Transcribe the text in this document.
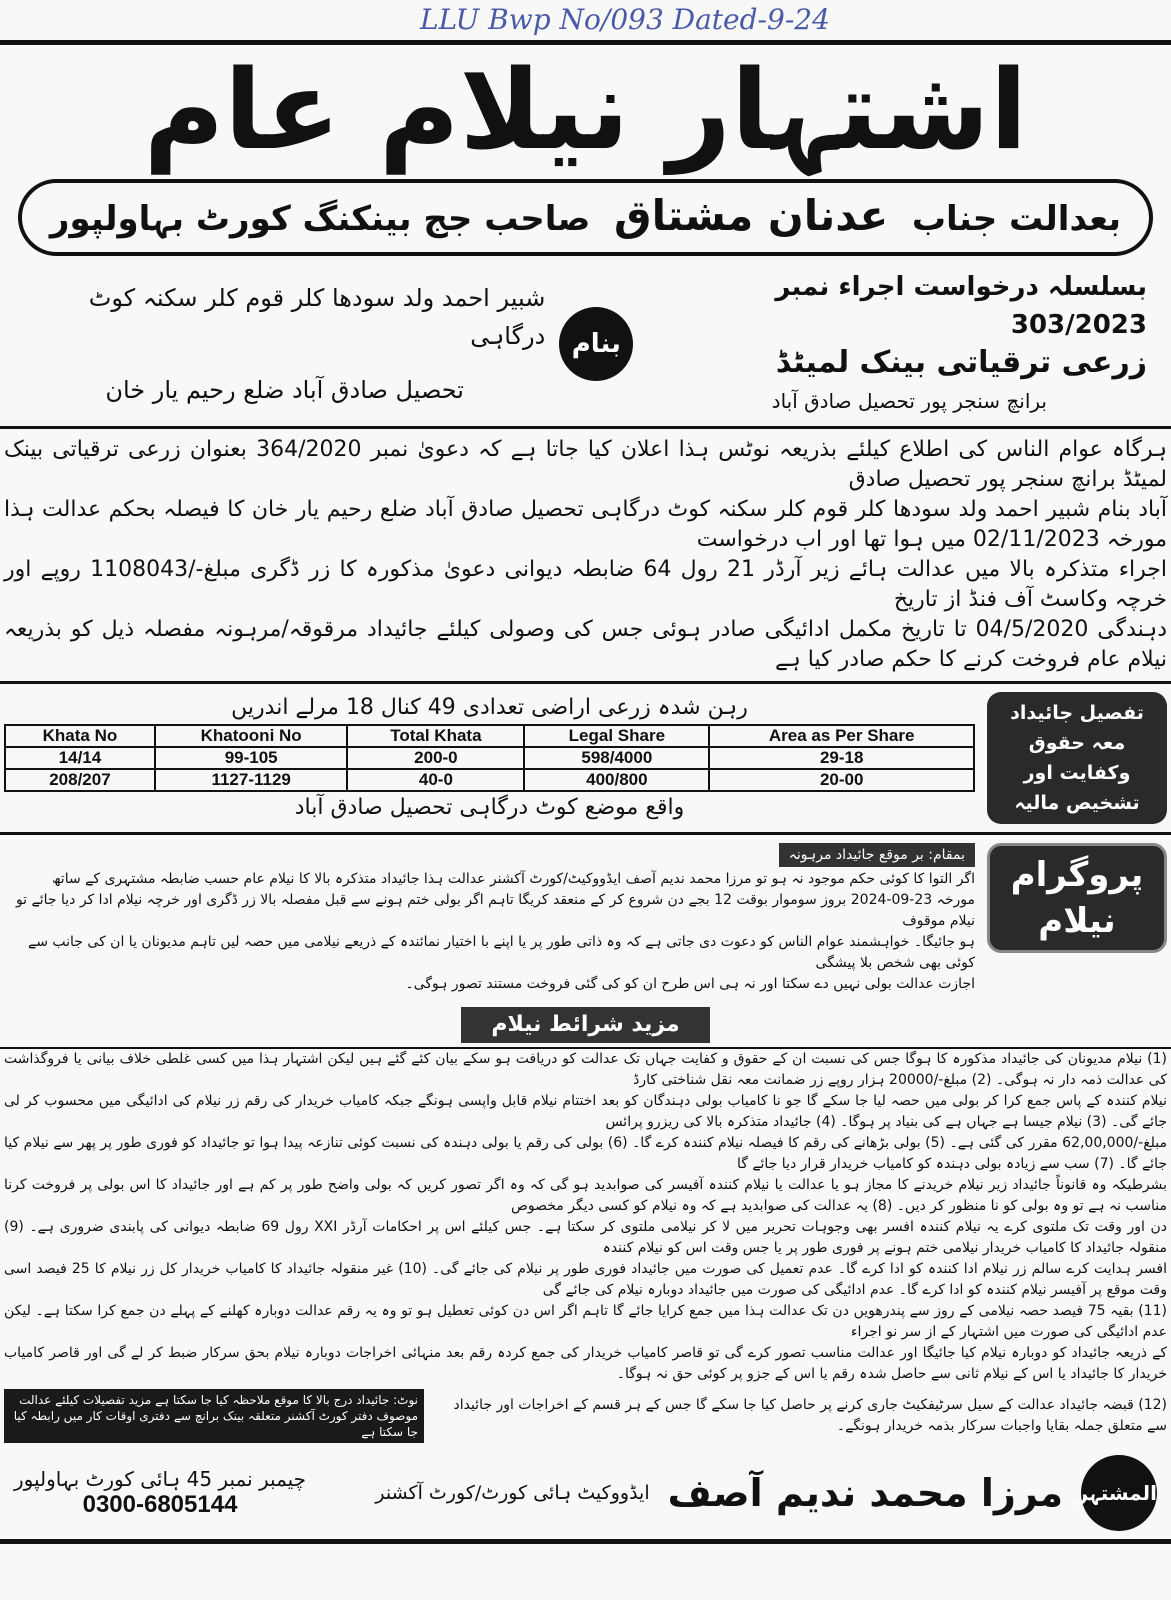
LLU Bwp No/093 Dated-9-24
اشتہار نیلام عام
بعدالت جناب  عدنان مشتاق  صاحب جج بینکنگ کورٹ بہاولپور
بسلسلہ درخواست اجراء نمبر 303/2023
زرعی ترقیاتی بینک لمیٹڈ
برانچ سنجر پور تحصیل صادق آباد
بنام
شبیر احمد ولد سودھا کلر قوم کلر سکنہ کوٹ درگاہی
تحصیل صادق آباد ضلع رحیم یار خان
ہرگاہ عوام الناس کی اطلاع کیلئے بذریعہ نوٹس ہذا اعلان کیا جاتا ہے کہ دعویٰ نمبر 364/2020 بعنوان زرعی ترقیاتی بینک لمیٹڈ برانچ سنجر پور تحصیل صادق
آباد بنام شبیر احمد ولد سودھا کلر قوم کلر سکنہ کوٹ درگاہی تحصیل صادق آباد ضلع رحیم یار خان کا فیصلہ بحکم عدالت ہذا مورخہ 02/11/2023 میں ہوا تھا اور اب درخواست
اجراء متذکرہ بالا میں عدالت ہائے زیر آرڈر 21 رول 64 ضابطہ دیوانی دعویٰ مذکورہ کا زر ڈگری مبلغ-/1108043 روپے اور خرچہ وکاسٹ آف فنڈ از تاریخ
دہندگی 04/5/2020 تا تاریخ مکمل ادائیگی صادر ہوئی جس کی وصولی کیلئے جائیداد مرقوقہ/مرہونہ مفصلہ ذیل کو بذریعہ نیلام عام فروخت کرنے کا حکم صادر کیا ہے
تفصیل جائیداد معہ حقوق وکفایت اور تشخیص مالیہ
رہن شدہ زرعی اراضی تعدادی 49 کنال 18 مرلے اندریں
Khata No	Khatooni No	Total Khata	Legal Share	Area as Per Share
14/14	99-105	200-0	598/4000	29-18
208/207	1127-1129	40-0	400/800	20-00
واقع موضع کوٹ درگاہی تحصیل صادق آباد
پروگرام نیلام
بمقام: بر موقع جائیداد مرہونہ

اگر التوا کا کوئی حکم موجود نہ ہو تو مرزا محمد ندیم آصف ایڈووکیٹ/کورٹ آکشنر عدالت ہذا جائیداد متذکرہ بالا کا نیلام عام حسب ضابطہ مشتہری کے ساتھ

مورخہ 23-09-2024 بروز سوموار بوقت 12 بجے دن شروع کر کے منعقد کریگا تاہم اگر بولی ختم ہونے سے قبل مفصلہ بالا زر ڈگری اور خرچہ نیلام ادا کر دیا جائے تو نیلام موقوف

ہو جائیگا۔ خواہشمند عوام الناس کو دعوت دی جاتی ہے کہ وہ ذاتی طور پر یا اپنے با اختیار نمائندہ کے ذریعے نیلامی میں حصہ لیں تاہم مدیونان یا ان کی جانب سے کوئی بھی شخص بلا پیشگی

اجازت عدالت بولی نہیں دے سکتا اور نہ ہی اس طرح ان کو کی گئی فروخت مستند تصور ہوگی۔

مزید شرائط نیلام
(1) نیلام مدیونان کی جائیداد مذکورہ کا ہوگا جس کی نسبت ان کے حقوق و کفایت جہاں تک عدالت کو دریافت ہو سکے بیان کئے گئے ہیں لیکن اشتہار ہذا میں کسی غلطی خلاف بیانی یا فروگذاشت کی عدالت ذمہ دار نہ ہوگی۔ (2) مبلغ-/20000 ہزار روپے زر ضمانت معہ نقل شناختی کارڈ
نیلام کنندہ کے پاس جمع کرا کر بولی میں حصہ لیا جا سکے گا جو نا کامیاب بولی دہندگان کو بعد اختتام نیلام قابل واپسی ہونگے جبکہ کامیاب خریدار کی رقم زر نیلام کی ادائیگی میں محسوب کر لی جائے گی۔ (3) نیلام جیسا ہے جہاں ہے کی بنیاد پر ہوگا۔ (4) جائیداد متذکرہ بالا کی ریزرو پرائس
مبلغ-/62,00,000 مقرر کی گئی ہے۔ (5) بولی بڑھانے کی رقم کا فیصلہ نیلام کنندہ کرے گا۔ (6) بولی کی رقم یا بولی دہندہ کی نسبت کوئی تنازعہ پیدا ہوا تو جائیداد کو فوری طور پر پھر سے نیلام کیا جائے گا۔ (7) سب سے زیادہ بولی دہندہ کو کامیاب خریدار قرار دیا جائے گا
بشرطیکہ وہ قانوناً جائیداد زیر نیلام خریدنے کا مجاز ہو یا عدالت یا نیلام کنندہ آفیسر کی صوابدید ہو گی کہ وہ اگر تصور کریں کہ بولی واضح طور پر کم ہے اور جائیداد کا اس بولی پر فروخت کرنا مناسب نہ ہے تو وہ بولی کو نا منظور کر دیں۔ (8) یہ عدالت کی صوابدید ہے کہ وہ نیلام کو کسی دیگر مخصوص
دن اور وقت تک ملتوی کرے یہ نیلام کنندہ افسر بھی وجوہات تحریر میں لا کر نیلامی ملتوی کر سکتا ہے۔ جس کیلئے اس پر احکامات آرڈر XXI رول 69 ضابطہ دیوانی کی پابندی ضروری ہے۔ (9) منقولہ جائیداد کا کامیاب خریدار نیلامی ختم ہونے پر فوری طور پر یا جس وقت اس کو نیلام کنندہ
افسر ہدایت کرے سالم زر نیلام ادا کنندہ کو ادا کرے گا۔ عدم تعمیل کی صورت میں جائیداد فوری طور پر نیلام کی جائے گی۔ (10) غیر منقولہ جائیداد کا کامیاب خریدار کل زر نیلام کا 25 فیصد اسی وقت موقع پر آفیسر نیلام کنندہ کو ادا کرے گا۔ عدم ادائیگی کی صورت میں جائیداد دوبارہ نیلام کی جائے گی
(11) بقیہ 75 فیصد حصہ نیلامی کے روز سے پندرھویں دن تک عدالت ہذا میں جمع کرایا جائے گا تاہم اگر اس دن کوئی تعطیل ہو تو وہ یہ رقم عدالت دوبارہ کھلنے کے پہلے دن جمع کرا سکتا ہے۔ لیکن عدم ادائیگی کی صورت میں اشتہار کے از سر نو اجراء
کے ذریعہ جائیداد کو دوبارہ نیلام کیا جائیگا اور عدالت مناسب تصور کرے گی تو قاصر کامیاب خریدار کی جمع کردہ رقم بعد منہائی اخراجات دوبارہ نیلام بحق سرکار ضبط کر لے گی اور قاصر کامیاب خریدار کا جائیداد یا اس کے نیلام ثانی سے حاصل شدہ رقم یا اس کے جزو پر کوئی حق نہ ہوگا۔
(12) قبضہ جائیداد عدالت کے سیل سرٹیفکیٹ جاری کرنے پر حاصل کیا جا سکے گا جس کے ہر قسم کے اخراجات اور جائیداد سے متعلق جملہ بقایا واجبات سرکار بذمہ خریدار ہونگے۔
نوٹ: جائیداد درج بالا کا موقع ملاحظہ کیا جا سکتا ہے مزید تفصیلات کیلئے عدالت موصوف دفتر کورٹ آکشنر متعلقہ بینک برانچ سے دفتری اوقات کار میں رابطہ کیا جا سکتا ہے
المشتہر
مرزا محمد ندیم آصف
ایڈووکیٹ ہائی کورٹ/کورٹ آکشنر
چیمبر نمبر 45 ہائی کورٹ بہاولپور
0300-6805144
